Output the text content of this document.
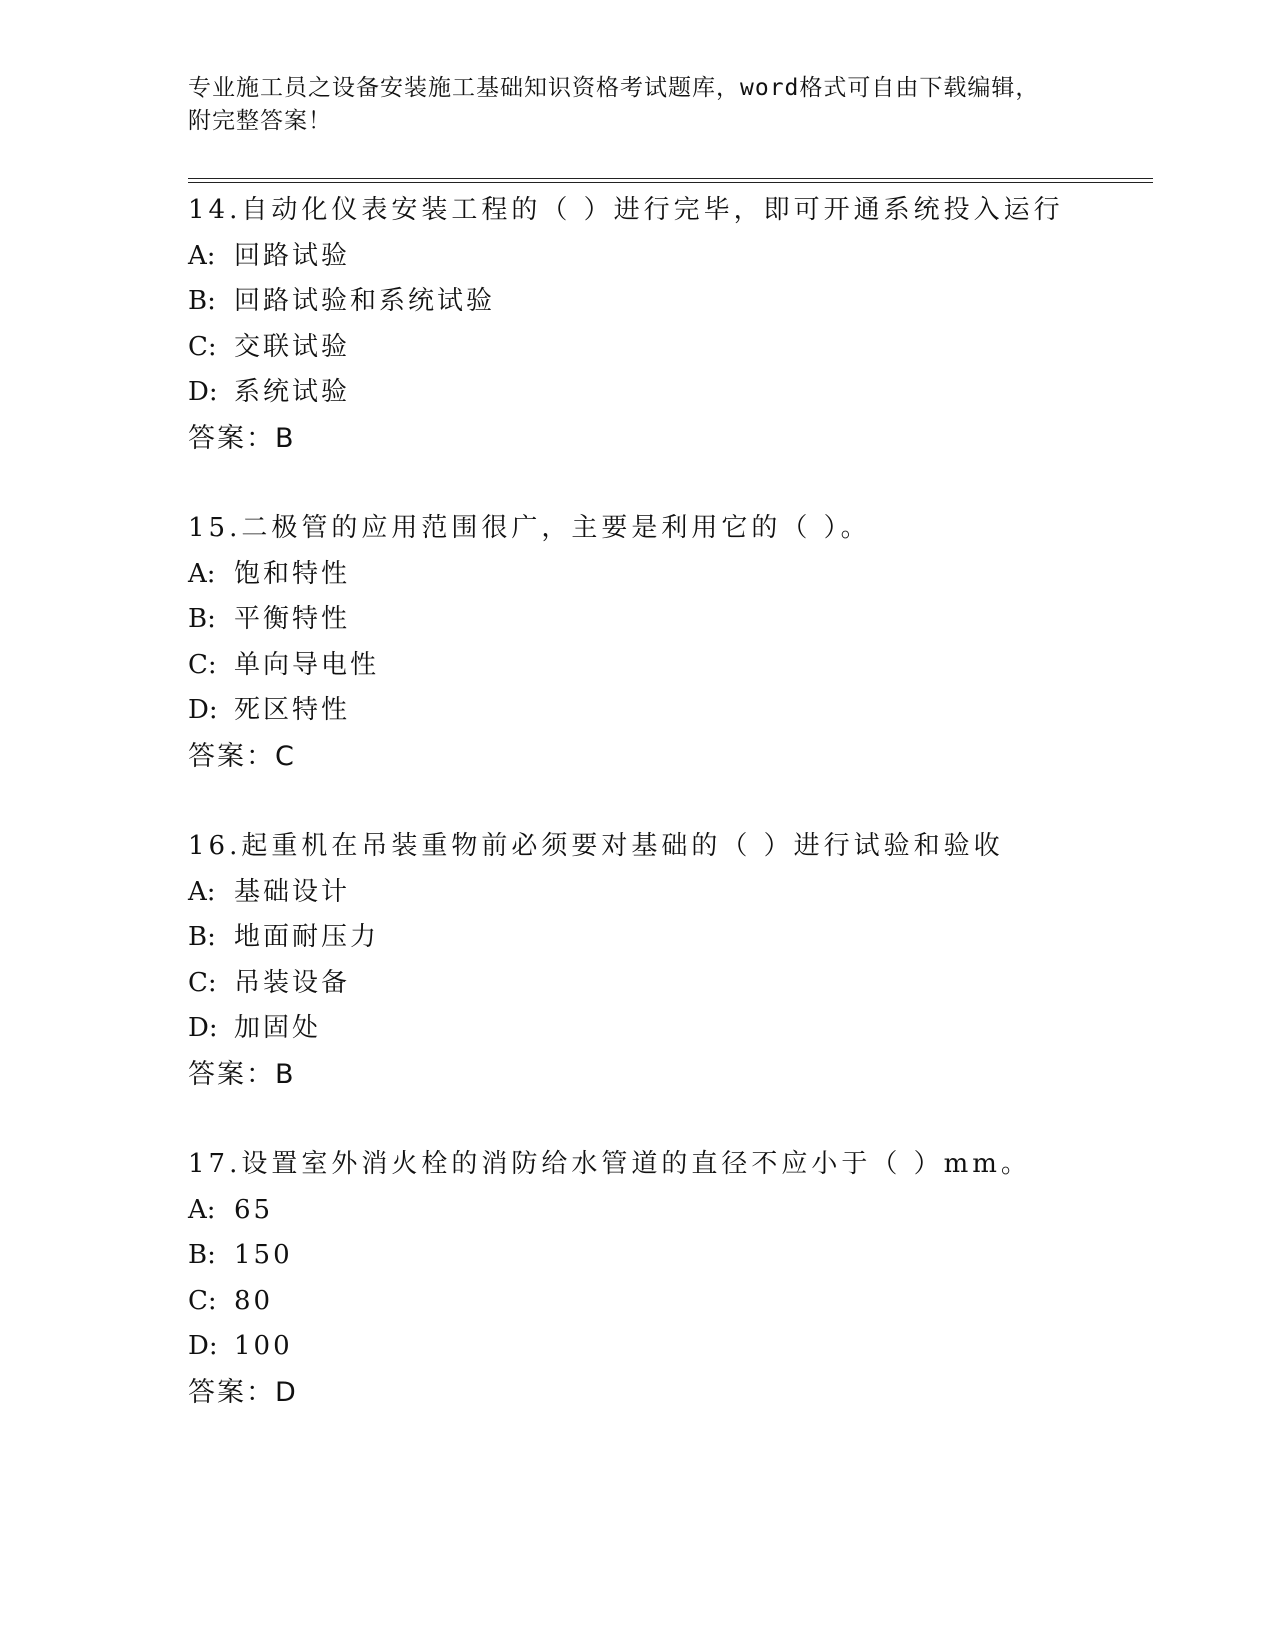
专业施工员之设备安装施工基础知识资格考试题库，word格式可自由下载编辑，
附完整答案！
14.自动化仪表安装工程的（ ）进行完毕，即可开通系统投入运行
A: 回路试验
B: 回路试验和系统试验
C: 交联试验
D: 系统试验
答案：B
15.二极管的应用范围很广，主要是利用它的（ ）。
A: 饱和特性
B: 平衡特性
C: 单向导电性
D: 死区特性
答案：C
16.起重机在吊装重物前必须要对基础的（ ）进行试验和验收
A: 基础设计
B: 地面耐压力
C: 吊装设备
D: 加固处
答案：B
17.设置室外消火栓的消防给水管道的直径不应小于（ ）mm。
A: 65
B: 150
C: 80
D: 100
答案：D
